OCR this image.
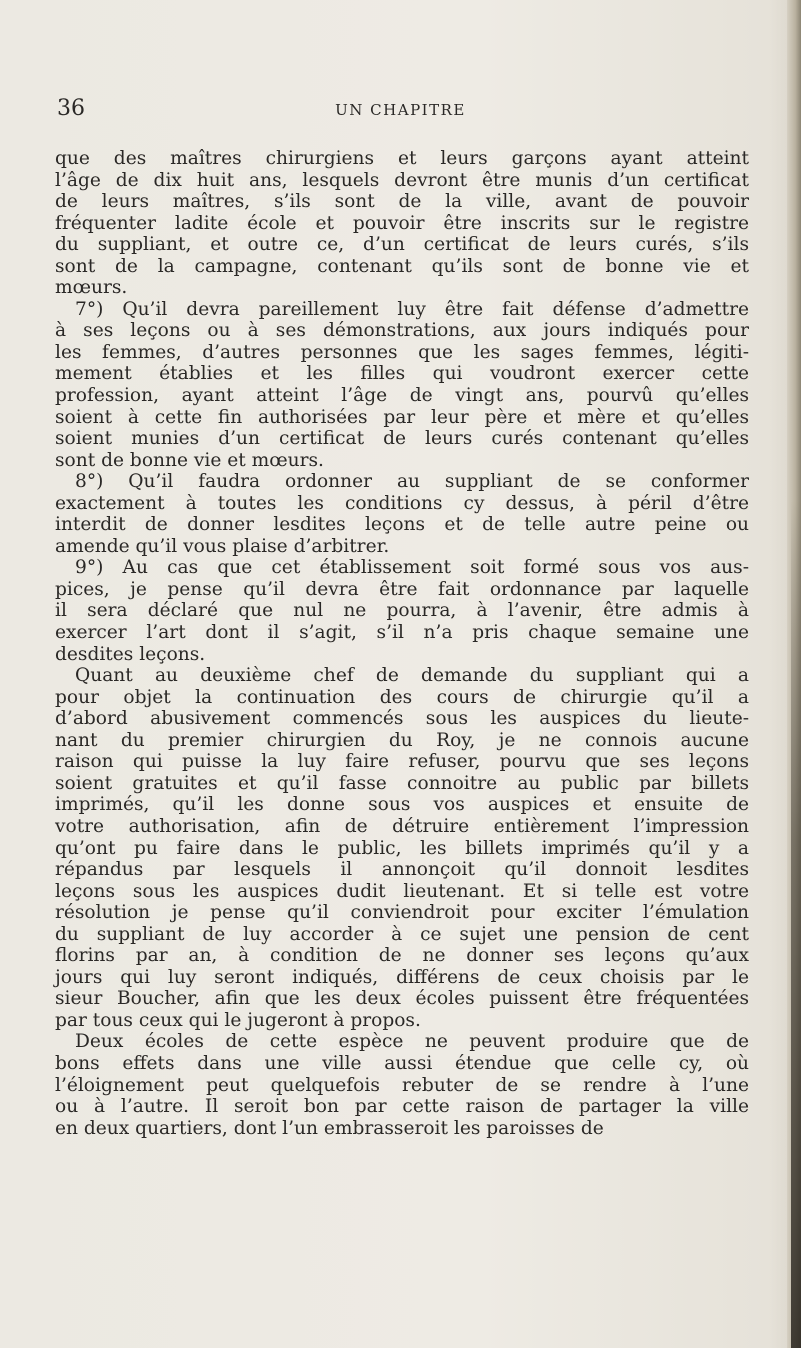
36	UN CHAPITRE
que des maîtres chirurgiens et leurs garçons ayant atteint
l’âge de dix huit ans, lesquels devront être munis d’un certificat
de leurs maîtres, s’ils sont de la ville, avant de pouvoir
fréquenter ladite école et pouvoir être inscrits sur le registre
du suppliant, et outre ce, d’un certificat de leurs curés, s’ils
sont de la campagne, contenant qu’ils sont de bonne vie et
mœurs.
7°) Qu’il devra pareillement luy être fait défense d’admettre
à ses leçons ou à ses démonstrations, aux jours indiqués pour
les femmes, d’autres personnes que les sages femmes, légiti-
mement établies et les filles qui voudront exercer cette
profession, ayant atteint l’âge de vingt ans, pourvû qu’elles
soient à cette fin authorisées par leur père et mère et qu’elles
soient munies d’un certificat de leurs curés contenant qu’elles
sont de bonne vie et mœurs.
8°) Qu’il faudra ordonner au suppliant de se conformer
exactement à toutes les conditions cy dessus, à péril d’être
interdit de donner lesdites leçons et de telle autre peine ou
amende qu’il vous plaise d’arbitrer.
9°) Au cas que cet établissement soit formé sous vos aus-
pices, je pense qu’il devra être fait ordonnance par laquelle
il sera déclaré que nul ne pourra, à l’avenir, être admis à
exercer l’art dont il s’agit, s’il n’a pris chaque semaine une
desdites leçons.
Quant au deuxième chef de demande du suppliant qui a
pour objet la continuation des cours de chirurgie qu’il a
d’abord abusivement commencés sous les auspices du lieute-
nant du premier chirurgien du Roy, je ne connois aucune
raison qui puisse la luy faire refuser, pourvu que ses leçons
soient gratuites et qu’il fasse connoitre au public par billets
imprimés, qu’il les donne sous vos auspices et ensuite de
votre authorisation, afin de détruire entièrement l’impression
qu’ont pu faire dans le public, les billets imprimés qu’il y a
répandus par lesquels il annonçoit qu’il donnoit lesdites
leçons sous les auspices dudit lieutenant. Et si telle est votre
résolution je pense qu’il conviendroit pour exciter l’émulation
du suppliant de luy accorder à ce sujet une pension de cent
florins par an, à condition de ne donner ses leçons qu’aux
jours qui luy seront indiqués, différens de ceux choisis par le
sieur Boucher, afin que les deux écoles puissent être fréquentées
par tous ceux qui le jugeront à propos.
Deux écoles de cette espèce ne peuvent produire que de
bons effets dans une ville aussi étendue que celle cy, où
l’éloignement peut quelquefois rebuter de se rendre à l’une
ou à l’autre. Il seroit bon par cette raison de partager la ville
en deux quartiers, dont l’un embrasseroit les paroisses de
